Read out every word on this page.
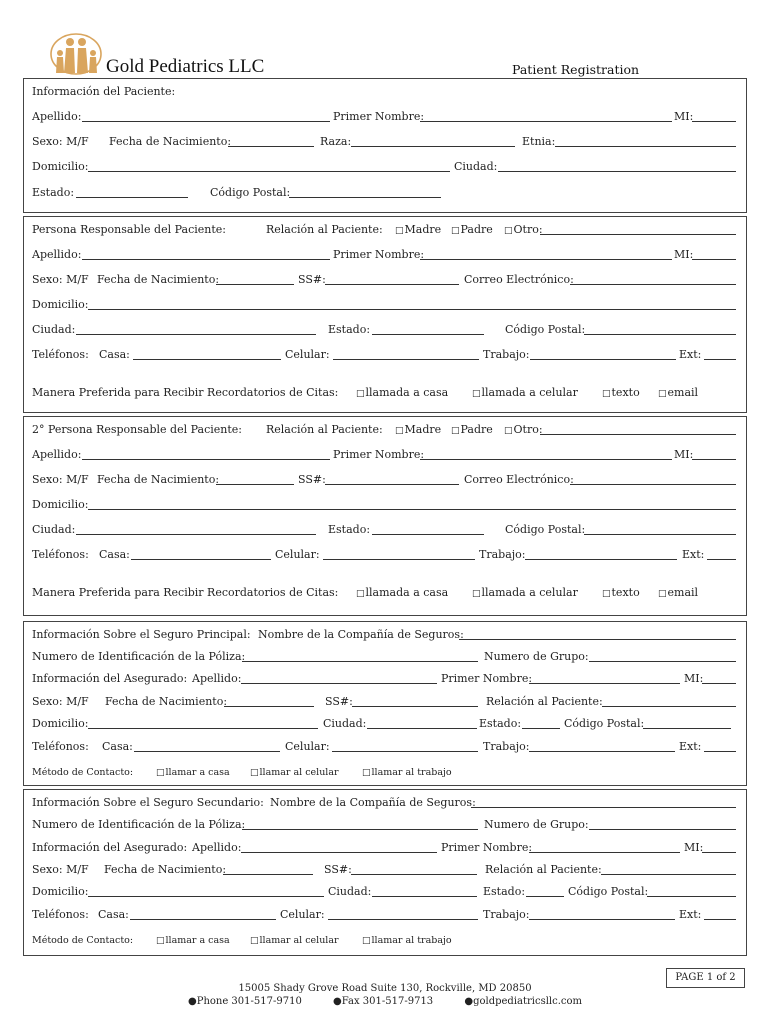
Gold Pediatrics LLC	Patient Registration
Información del Paciente:
Apellido:	Primer Nombre:	MI:
Sexo: M/F Fecha de Nacimiento:	Raza:	Etnia:
Domicilio:	Ciudad:
Estado:	Código Postal:
Persona Responsable del Paciente:	Relación al Paciente: □Madre □Padre □Otro:
Apellido:	Primer Nombre:	MI:
Sexo: M/F Fecha de Nacimiento:	SS#:	Correo Electrónico:
Domicilio:
Ciudad:	Estado:	Código Postal:
Teléfonos: Casa:	Celular:	Trabajo:	Ext:
Manera Preferida para Recibir Recordatorios de Citas: □llamada a casa	□llamada a celular	□texto □email
2° Persona Responsable del Paciente: Relación al Paciente: □Madre □Padre □Otro:
Apellido:	Primer Nombre:	MI:
Sexo: M/F Fecha de Nacimiento:	SS#:	Correo Electrónico:
Domicilio:
Ciudad:	Estado:	Código Postal:
Teléfonos: Casa:	Celular:	Trabajo:	Ext:
Manera Preferida para Recibir Recordatorios de Citas: □llamada a casa	□llamada a celular	□texto □email
Información Sobre el Seguro Principal: Nombre de la Compañía de Seguros:
Numero de Identificación de la Póliza:	Numero de Grupo:
Información del Asegurado: Apellido:	Primer Nombre:	MI:
Sexo: M/F Fecha de Nacimiento:	SS#:	Relación al Paciente:
Domicilio:	Ciudad:	Estado:	Código Postal:
Teléfonos: Casa:	Celular:	Trabajo:	Ext:
Método de Contacto:	□llamar a casa □llamar al celular	□llamar al trabajo
Información Sobre el Seguro Secundario: Nombre de la Compañía de Seguros:
Numero de Identificación de la Póliza:	Numero de Grupo:
Información del Asegurado: Apellido:	Primer Nombre:	MI:
Sexo: M/F Fecha de Nacimiento:	SS#:	Relación al Paciente:
Domicilio:	Ciudad:	Estado:	Código Postal:
Teléfonos: Casa:	Celular:	Trabajo:	Ext:
Método de Contacto:	□llamar a casa □llamar al celular	□llamar al trabajo
PAGE 1 of 2
15005 Shady Grove Road Suite 130, Rockville, MD 20850
●Phone 301-517-9710	●Fax 301-517-9713	●goldpediatricsllc.com
